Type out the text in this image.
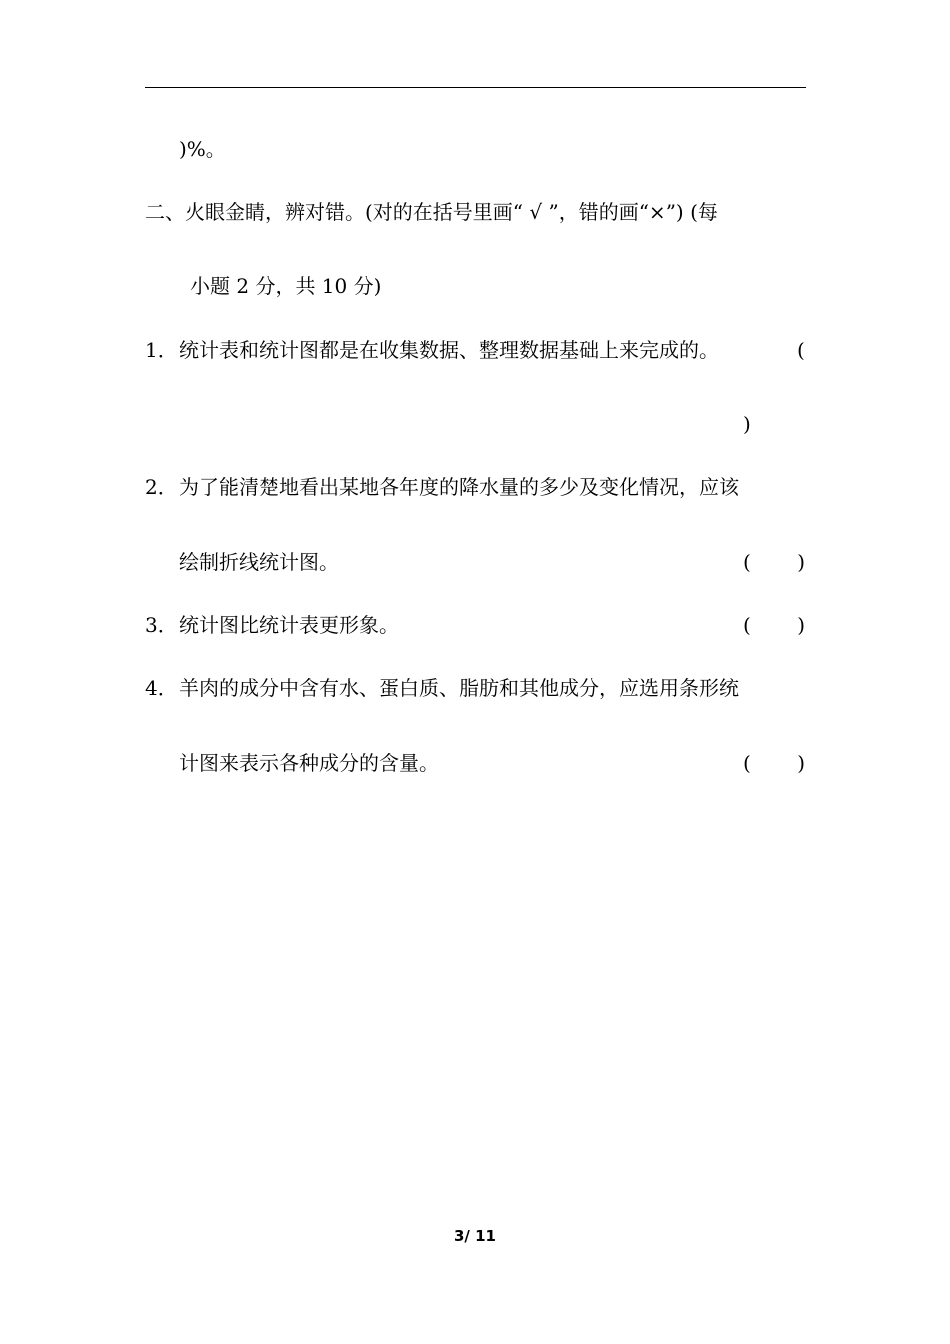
)%。
二、火眼金睛，辨对错。(对的在括号里画“ √ ”，错的画“×”) (每
小题 2 分，共 10 分)
1． 统计表和统计图都是在收集数据、整理数据基础上来完成的。	(
)
2． 为了能清楚地看出某地各年度的降水量的多少及变化情况，应该
绘制折线统计图。	( )
3． 统计图比统计表更形象。	( )
4． 羊肉的成分中含有水、蛋白质、脂肪和其他成分，应选用条形统
计图来表示各种成分的含量。	( )
3/ 11
